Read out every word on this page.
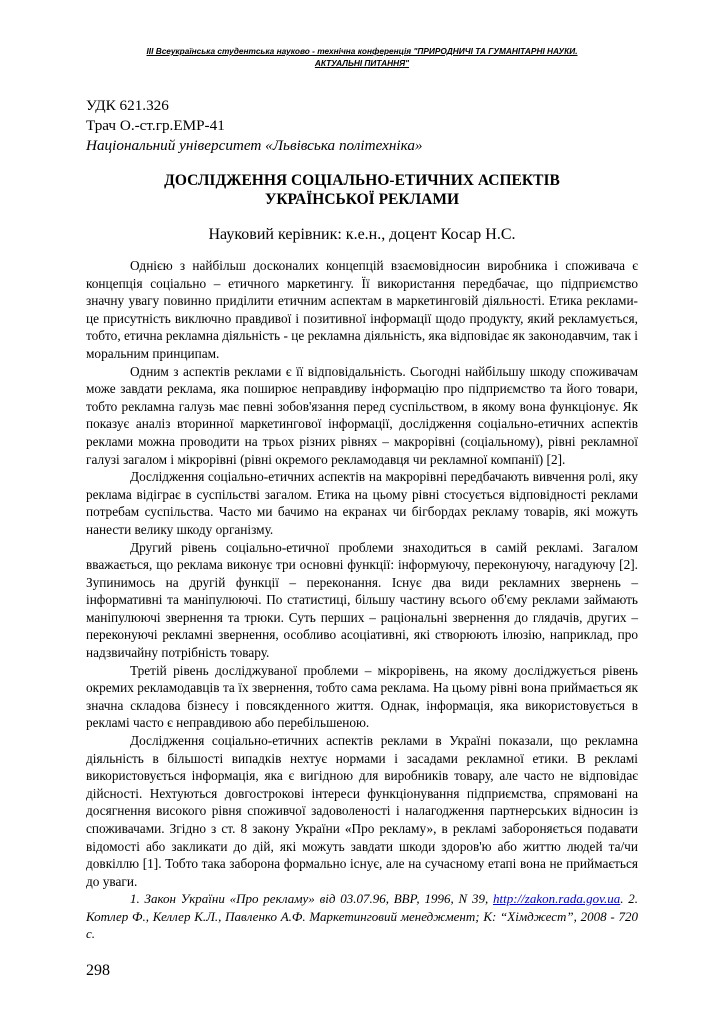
ІІІ Всеукраїнська студентська науково - технічна конференція "ПРИРОДНИЧІ ТА ГУМАНІТАРНІ НАУКИ.
АКТУАЛЬНІ ПИТАННЯ"
УДК 621.326
Трач О.-ст.гр.ЕМР-41
Національний університет «Львівська політехніка»
ДОСЛІДЖЕННЯ СОЦІАЛЬНО-ЕТИЧНИХ АСПЕКТІВ
УКРАЇНСЬКОЇ РЕКЛАМИ
Науковий керівник: к.е.н., доцент Косар Н.С.

Однією з найбільш досконалих концепцій взаємовідносин виробника і споживача є концепція соціально – етичного маркетингу. Її використання передбачає, що підприємство значну увагу повинно приділити етичним аспектам в маркетинговій діяльності. Етика реклами- це присутність виключно правдивої і позитивної інформації щодо продукту, який рекламується, тобто, етична рекламна діяльність - це рекламна діяльність, яка відповідає як законодавчим, так і моральним принципам.

Одним з аспектів реклами є її відповідальність. Сьогодні найбільшу шкоду споживачам може завдати реклама, яка поширює неправдиву інформацію про підприємство та його товари, тобто рекламна галузь має певні зобов'язання перед суспільством, в якому вона функціонує. Як показує аналіз вторинної маркетингової інформації, дослідження соціально-етичних аспектів реклами можна проводити на трьох різних рівнях – макрорівні (соціальному), рівні рекламної галузі загалом і мікрорівні (рівні окремого рекламодавця чи рекламної компанії) [2].

Дослідження соціально-етичних аспектів на макрорівні передбачають вивчення ролі, яку реклама відіграє в суспільстві загалом. Етика на цьому рівні стосується відповідності реклами потребам суспільства. Часто ми бачимо на екранах чи бігбордах рекламу товарів, які можуть нанести велику шкоду організму.

Другий рівень соціально-етичної проблеми знаходиться в самій рекламі. Загалом вважається, що реклама виконує три основні функції: інформуючу, переконуючу, нагадуючу [2]. Зупинимось на другій функції – переконання. Існує два види рекламних звернень – інформативні та маніпулюючі. По статистиці, більшу частину всього об'єму реклами займають маніпулюючі звернення та трюки. Суть перших – раціональні звернення до глядачів, других – переконуючі рекламні звернення, особливо асоціативні, які створюють ілюзію, наприклад, про надзвичайну потрібність товару.

Третій рівень досліджуваної проблеми – мікрорівень, на якому досліджується рівень окремих рекламодавців та їх звернення, тобто сама реклама. На цьому рівні вона приймається як значна складова бізнесу і повсякденного життя. Однак, інформація, яка використовується в рекламі часто є неправдивою або перебільшеною.

Дослідження соціально-етичних аспектів реклами в Україні показали, що рекламна діяльність в більшості випадків нехтує нормами і засадами рекламної етики. В рекламі використовується інформація, яка є вигідною для виробників товару, але часто не відповідає дійсності. Нехтуються довгострокові інтереси функціонування підприємства, спрямовані на досягнення високого рівня споживчої задоволеності і налагодження партнерських відносин із споживачами. Згідно з ст. 8 закону України «Про рекламу», в рекламі забороняється подавати відомості або закликати до дій, які можуть завдати шкоди здоров'ю або життю людей та/чи довкіллю [1]. Тобто така заборона формально існує, але на сучасному етапі вона не приймається до уваги.

1. Закон України «Про рекламу» від 03.07.96, ВВР, 1996, N 39, http://zakon.rada.gov.ua. 2. Котлер Ф., Келлер К.Л., Павленко А.Ф. Маркетинговий менеджмент; К: “Хімджест”, 2008 - 720 с.
298
